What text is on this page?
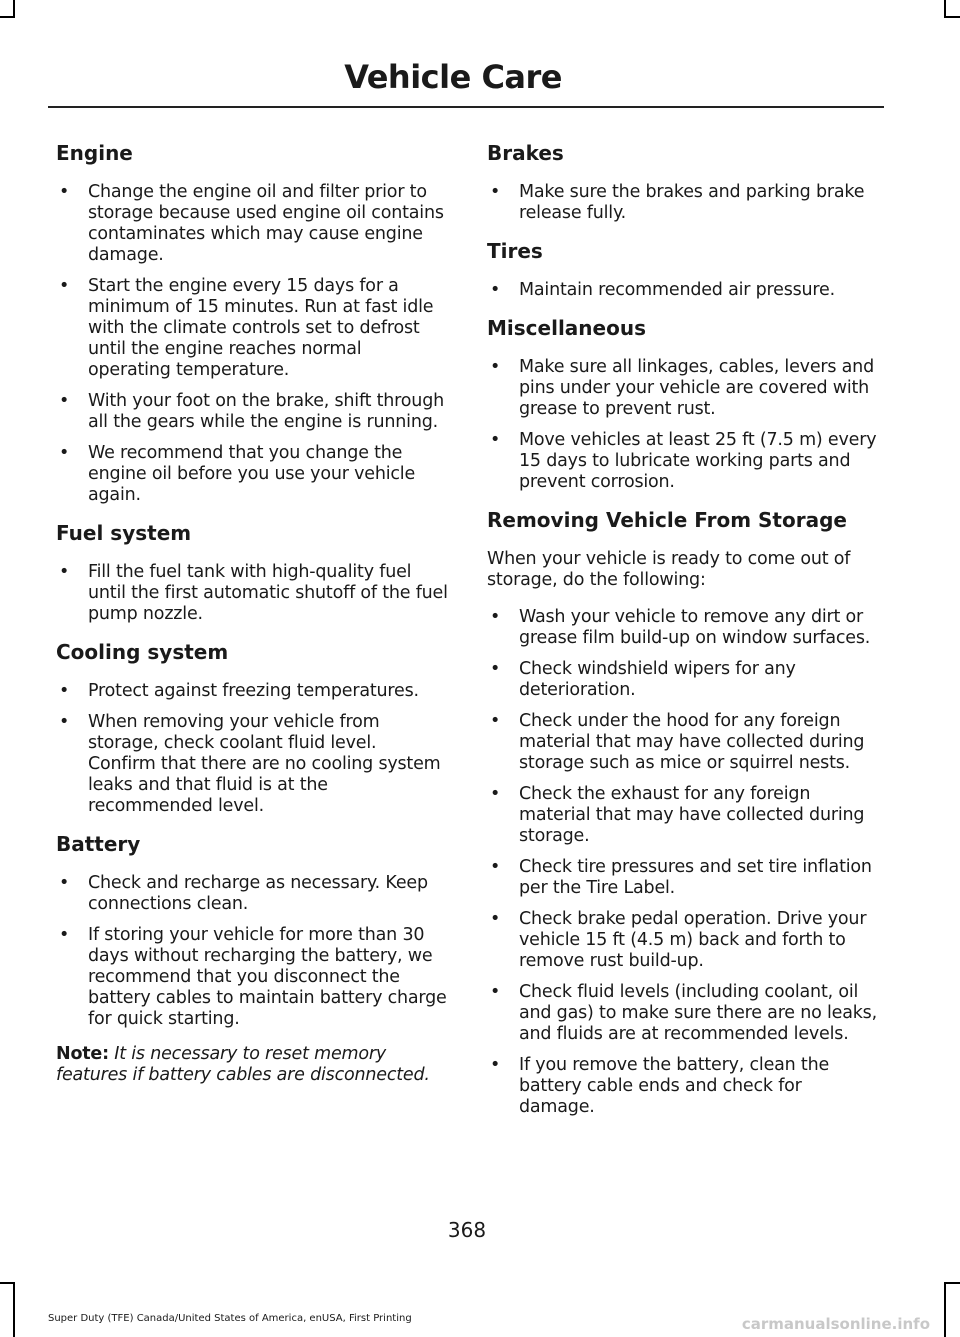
Vehicle Care
Engine
• Change the engine oil and filter prior to storage because used engine oil contains contaminates which may cause engine damage.
• Start the engine every 15 days for a minimum of 15 minutes. Run at fast idle with the climate controls set to defrost until the engine reaches normal operating temperature.
• With your foot on the brake, shift through all the gears while the engine is running.
• We recommend that you change the engine oil before you use your vehicle again.
Fuel system
• Fill the fuel tank with high-quality fuel until the first automatic shutoff of the fuel pump nozzle.
Cooling system
• Protect against freezing temperatures.
• When removing your vehicle from storage, check coolant fluid level. Confirm that there are no cooling system leaks and that fluid is at the recommended level.
Battery
• Check and recharge as necessary. Keep connections clean.
• If storing your vehicle for more than 30 days without recharging the battery, we recommend that you disconnect the battery cables to maintain battery charge for quick starting.

Note: It is necessary to reset memory features if battery cables are disconnected.

Brakes
• Make sure the brakes and parking brake release fully.
Tires
• Maintain recommended air pressure.
Miscellaneous
• Make sure all linkages, cables, levers and pins under your vehicle are covered with grease to prevent rust.
• Move vehicles at least 25 ft (7.5 m) every 15 days to lubricate working parts and prevent corrosion.
Removing Vehicle From Storage

When your vehicle is ready to come out of storage, do the following:

• Wash your vehicle to remove any dirt or grease film build-up on window surfaces.
• Check windshield wipers for any deterioration.
• Check under the hood for any foreign material that may have collected during storage such as mice or squirrel nests.
• Check the exhaust for any foreign material that may have collected during storage.
• Check tire pressures and set tire inflation per the Tire Label.
• Check brake pedal operation. Drive your vehicle 15 ft (4.5 m) back and forth to remove rust build-up.
• Check fluid levels (including coolant, oil and gas) to make sure there are no leaks, and fluids are at recommended levels.
• If you remove the battery, clean the battery cable ends and check for damage.
368
Super Duty (TFE) Canada/United States of America, enUSA, First Printing	carmanualsonline.info
